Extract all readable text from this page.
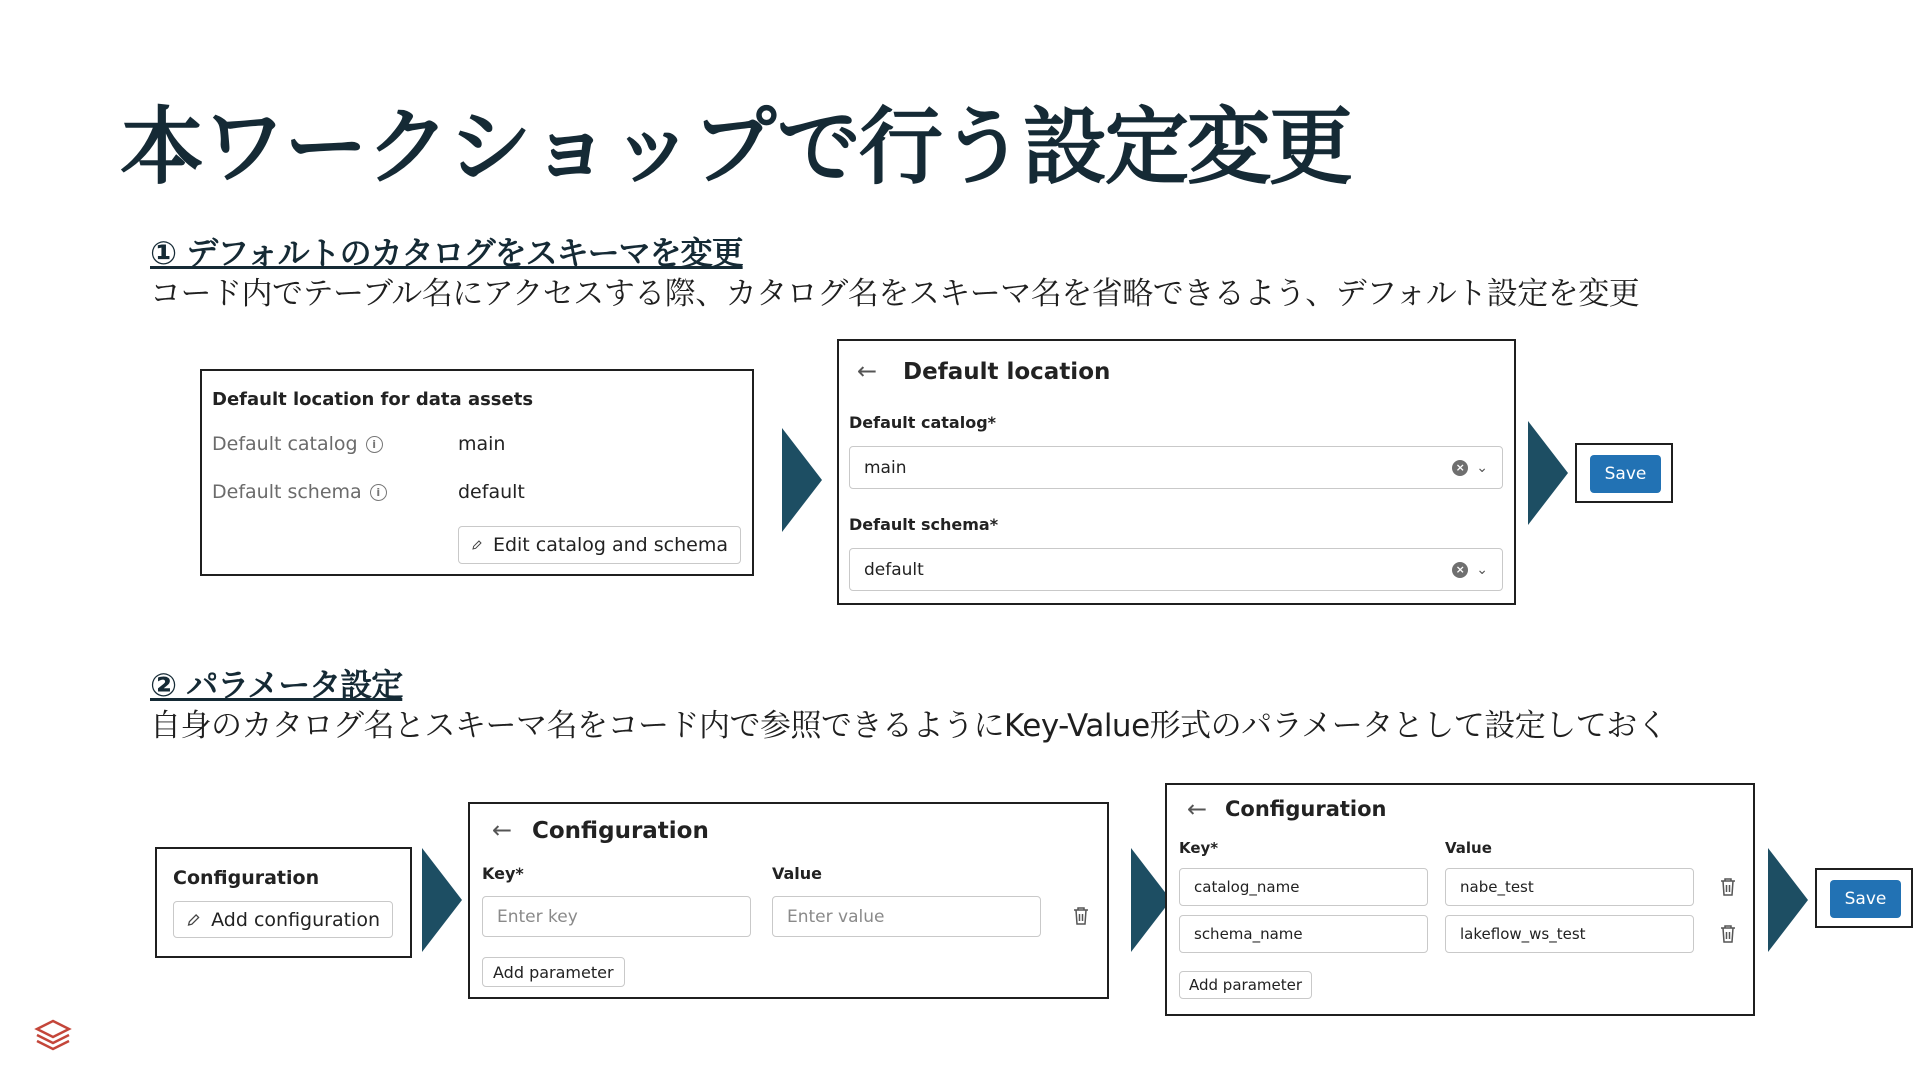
本ワークショップで行う設定変更
① デフォルトのカタログをスキーマを変更
コード内でテーブル名にアクセスする際、カタログ名をスキーマ名を省略できるよう、デフォルト設定を変更
Default location for data assets
Default catalog i	main
Default schema i	default
Edit catalog and schema
← Default location
Default catalog*
main	× ⌄
Default schema*
default	× ⌄
Save
② パラメータ設定
自身のカタログ名とスキーマ名をコード内で参照できるようにKey-Value形式のパラメータとして設定しておく
Configuration
Add configuration
← Configuration
Key*	Value
Enter key	Enter value
Add parameter
← Configuration
Key*	Value
catalog_name	nabe_test
schema_name	lakeflow_ws_test
Add parameter
Save
